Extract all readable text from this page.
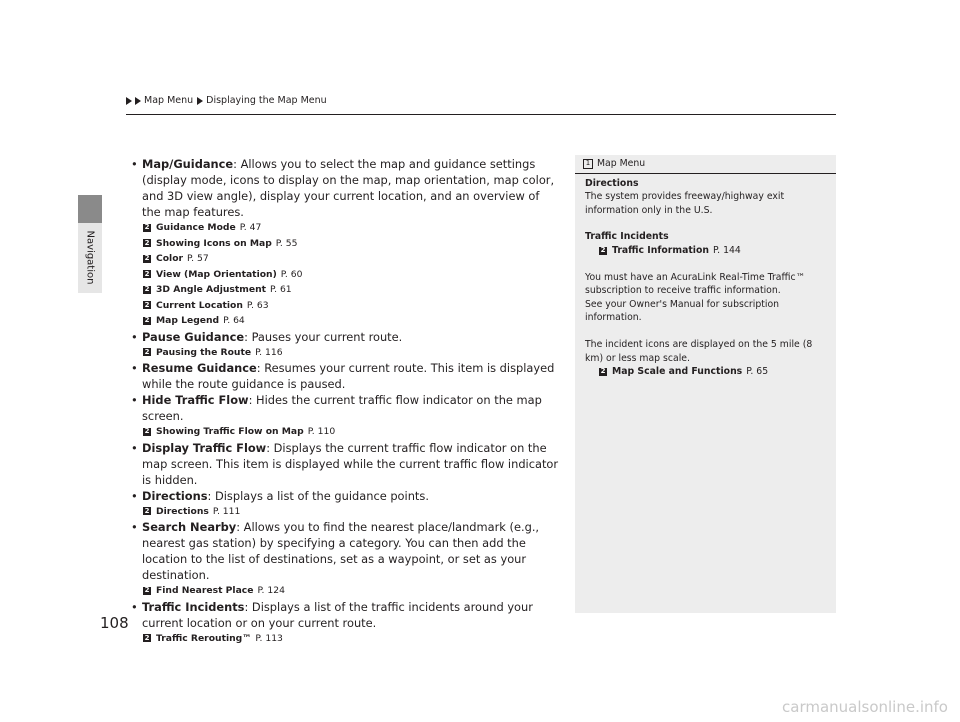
Navigation
Map Menu Displaying the Map Menu
• Map/Guidance: Allows you to select the map and guidance settings (display mode, icons to display on the map, map orientation, map color, and 3D view angle), display your current location, and an overview of the map features.
2 Guidance Mode P. 47
2 Showing Icons on Map P. 55
2 Color P. 57
2 View (Map Orientation) P. 60
2 3D Angle Adjustment P. 61
2 Current Location P. 63
2 Map Legend P. 64
• Pause Guidance: Pauses your current route.
2 Pausing the Route P. 116
• Resume Guidance: Resumes your current route. This item is displayed while the route guidance is paused.
• Hide Traffic Flow: Hides the current traffic flow indicator on the map screen.
2 Showing Traffic Flow on Map P. 110
• Display Traffic Flow: Displays the current traffic flow indicator on the map screen. This item is displayed while the current traffic flow indicator is hidden.
• Directions: Displays a list of the guidance points.
2 Directions P. 111
• Search Nearby: Allows you to find the nearest place/landmark (e.g., nearest gas station) by specifying a category. You can then add the location to the list of destinations, set as a waypoint, or set as your destination.
2 Find Nearest Place P. 124
• Traffic Incidents: Displays a list of the traffic incidents around your current location or on your current route.
2 Traffic Rerouting™ P. 113
1 Map Menu
Directions
The system provides freeway/highway exit information only in the U.S.
Traffic Incidents
2 Traffic Information P. 144
You must have an AcuraLink Real-Time Traffic™ subscription to receive traffic information.
See your Owner's Manual for subscription information.
The incident icons are displayed on the 5 mile (8 km) or less map scale.
2 Map Scale and Functions P. 65
108
carmanualsonline.info
